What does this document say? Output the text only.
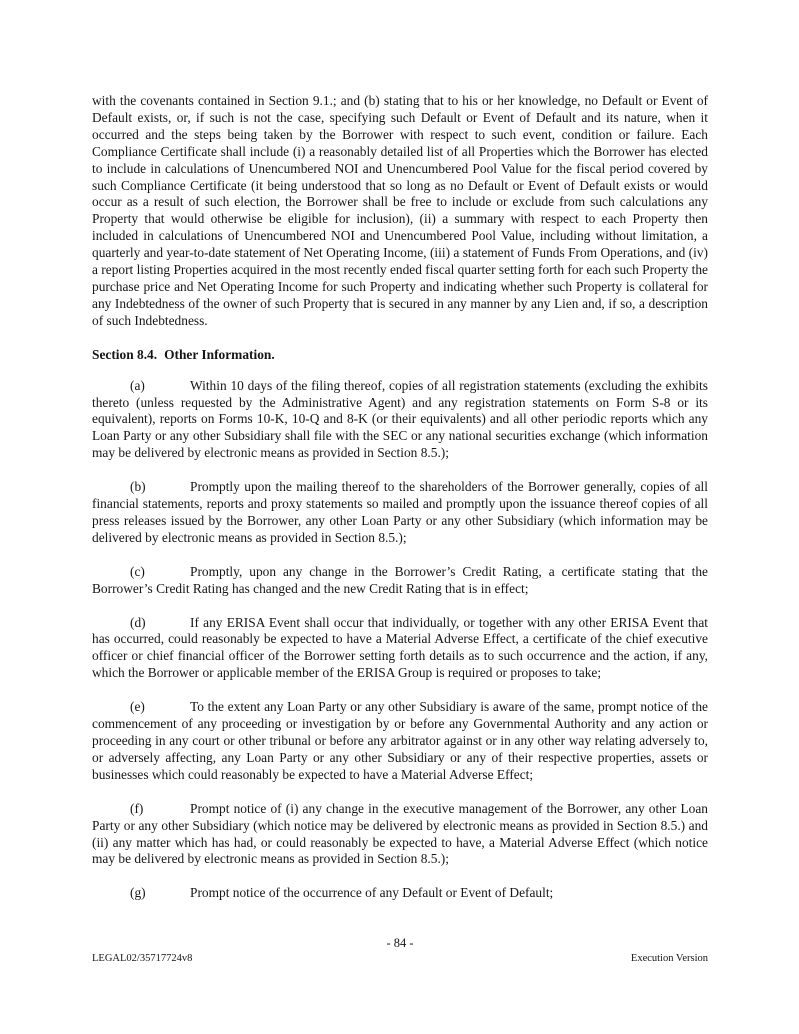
with the covenants contained in Section 9.1.; and (b) stating that to his or her knowledge, no Default or Event of Default exists, or, if such is not the case, specifying such Default or Event of Default and its nature, when it occurred and the steps being taken by the Borrower with respect to such event, condition or failure. Each Compliance Certificate shall include (i) a reasonably detailed list of all Properties which the Borrower has elected to include in calculations of Unencumbered NOI and Unencumbered Pool Value for the fiscal period covered by such Compliance Certificate (it being understood that so long as no Default or Event of Default exists or would occur as a result of such election, the Borrower shall be free to include or exclude from such calculations any Property that would otherwise be eligible for inclusion), (ii) a summary with respect to each Property then included in calculations of Unencumbered NOI and Unencumbered Pool Value, including without limitation, a quarterly and year-to-date statement of Net Operating Income, (iii) a statement of Funds From Operations, and (iv) a report listing Properties acquired in the most recently ended fiscal quarter setting forth for each such Property the purchase price and Net Operating Income for such Property and indicating whether such Property is collateral for any Indebtedness of the owner of such Property that is secured in any manner by any Lien and, if so, a description of such Indebtedness.

Section 8.4. Other Information.

(a)	Within 10 days of the filing thereof, copies of all registration statements (excluding the exhibits thereto (unless requested by the Administrative Agent) and any registration statements on Form S-8 or its equivalent), reports on Forms 10-K, 10-Q and 8-K (or their equivalents) and all other periodic reports which any Loan Party or any other Subsidiary shall file with the SEC or any national securities exchange (which information may be delivered by electronic means as provided in Section 8.5.);

(b)	Promptly upon the mailing thereof to the shareholders of the Borrower generally, copies of all financial statements, reports and proxy statements so mailed and promptly upon the issuance thereof copies of all press releases issued by the Borrower, any other Loan Party or any other Subsidiary (which information may be delivered by electronic means as provided in Section 8.5.);

(c)	Promptly, upon any change in the Borrower’s Credit Rating, a certificate stating that the Borrower’s Credit Rating has changed and the new Credit Rating that is in effect;

(d)	If any ERISA Event shall occur that individually, or together with any other ERISA Event that has occurred, could reasonably be expected to have a Material Adverse Effect, a certificate of the chief executive officer or chief financial officer of the Borrower setting forth details as to such occurrence and the action, if any, which the Borrower or applicable member of the ERISA Group is required or proposes to take;

(e)	To the extent any Loan Party or any other Subsidiary is aware of the same, prompt notice of the commencement of any proceeding or investigation by or before any Governmental Authority and any action or proceeding in any court or other tribunal or before any arbitrator against or in any other way relating adversely to, or adversely affecting, any Loan Party or any other Subsidiary or any of their respective properties, assets or businesses which could reasonably be expected to have a Material Adverse Effect;

(f)	Prompt notice of (i) any change in the executive management of the Borrower, any other Loan Party or any other Subsidiary (which notice may be delivered by electronic means as provided in Section 8.5.) and (ii) any matter which has had, or could reasonably be expected to have, a Material Adverse Effect (which notice may be delivered by electronic means as provided in Section 8.5.);

(g)	Prompt notice of the occurrence of any Default or Event of Default;

- 84 -
LEGAL02/35717724v8	Execution Version
